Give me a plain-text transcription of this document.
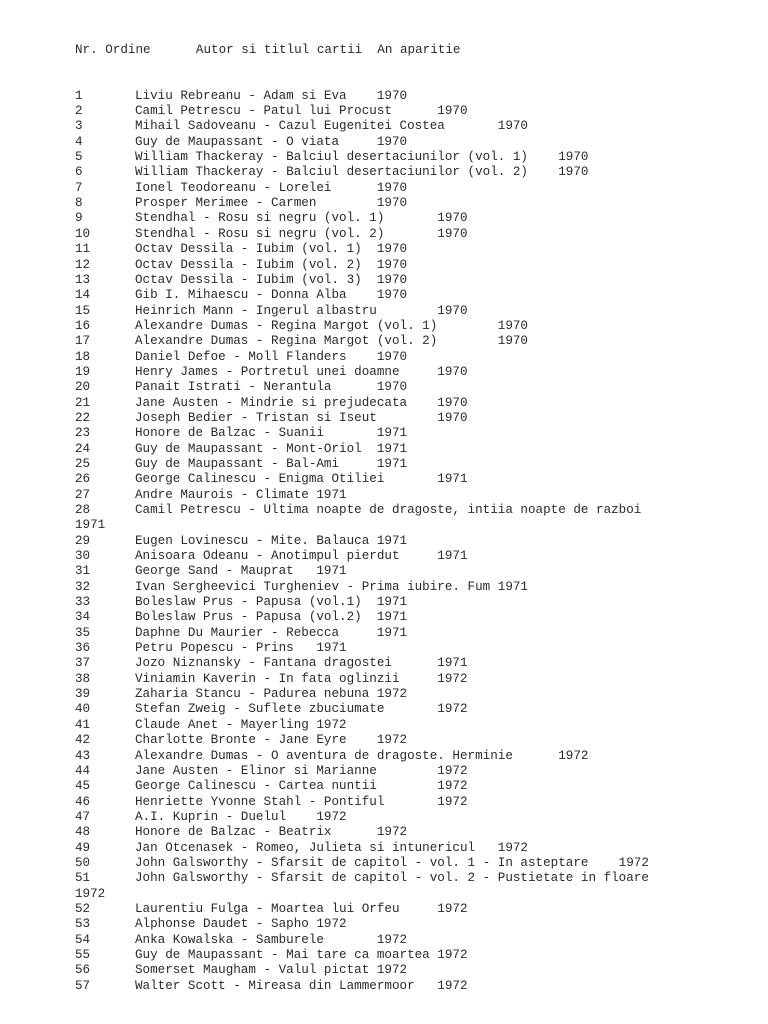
Nr. Ordine      Autor si titlul cartii  An aparitie

1	Liviu Rebreanu - Adam si Eva    1970
2	Camil Petrescu - Patul lui Procust      1970
3	Mihail Sadoveanu - Cazul Eugenitei Costea       1970
4	Guy de Maupassant - O viata     1970
5	William Thackeray - Balciul desertaciunilor (vol. 1)    1970
6	William Thackeray - Balciul desertaciunilor (vol. 2)    1970
7	Ionel Teodoreanu - Lorelei      1970
8	Prosper Merimee - Carmen        1970
9	Stendhal - Rosu si negru (vol. 1)       1970
10	Stendhal - Rosu si negru (vol. 2)       1970
11	Octav Dessila - Iubim (vol. 1)  1970
12	Octav Dessila - Iubim (vol. 2)  1970
13	Octav Dessila - Iubim (vol. 3)  1970
14	Gib I. Mihaescu - Donna Alba    1970
15	Heinrich Mann - Ingerul albastru        1970
16	Alexandre Dumas - Regina Margot (vol. 1)        1970
17	Alexandre Dumas - Regina Margot (vol. 2)        1970
18	Daniel Defoe - Moll Flanders    1970
19	Henry James - Portretul unei doamne     1970
20	Panait Istrati - Nerantula      1970
21	Jane Austen - Mindrie si prejudecata    1970
22	Joseph Bedier - Tristan si Iseut        1970
23	Honore de Balzac - Suanii       1971
24	Guy de Maupassant - Mont-Oriol  1971
25	Guy de Maupassant - Bal-Ami     1971
26	George Calinescu - Enigma Otiliei       1971
27	Andre Maurois - Climate 1971
28	Camil Petrescu - Ultima noapte de dragoste, intiia noapte de razboi
1971
29	Eugen Lovinescu - Mite. Balauca 1971
30	Anisoara Odeanu - Anotimpul pierdut     1971
31	George Sand - Mauprat   1971
32	Ivan Sergheevici Turgheniev - Prima iubire. Fum 1971
33	Boleslaw Prus - Papusa (vol.1)  1971
34	Boleslaw Prus - Papusa (vol.2)  1971
35	Daphne Du Maurier - Rebecca     1971
36	Petru Popescu - Prins   1971
37	Jozo Niznansky - Fantana dragostei      1971
38	Viniamin Kaverin - In fata oglinzii     1972
39	Zaharia Stancu - Padurea nebuna 1972
40	Stefan Zweig - Suflete zbuciumate       1972
41	Claude Anet - Mayerling 1972
42	Charlotte Bronte - Jane Eyre    1972
43	Alexandre Dumas - O aventura de dragoste. Herminie      1972
44	Jane Austen - Elinor si Marianne        1972
45	George Calinescu - Cartea nuntii        1972
46	Henriette Yvonne Stahl - Pontiful       1972
47	A.I. Kuprin - Duelul    1972
48	Honore de Balzac - Beatrix      1972
49	Jan Otcenasek - Romeo, Julieta si intunericul   1972
50	John Galsworthy - Sfarsit de capitol - vol. 1 - In asteptare    1972
51	John Galsworthy - Sfarsit de capitol - vol. 2 - Pustietate in floare
1972
52	Laurentiu Fulga - Moartea lui Orfeu     1972
53	Alphonse Daudet - Sapho 1972
54	Anka Kowalska - Samburele       1972
55	Guy de Maupassant - Mai tare ca moartea 1972
56	Somerset Maugham - Valul pictat 1972
57	Walter Scott - Mireasa din Lammermoor   1972
